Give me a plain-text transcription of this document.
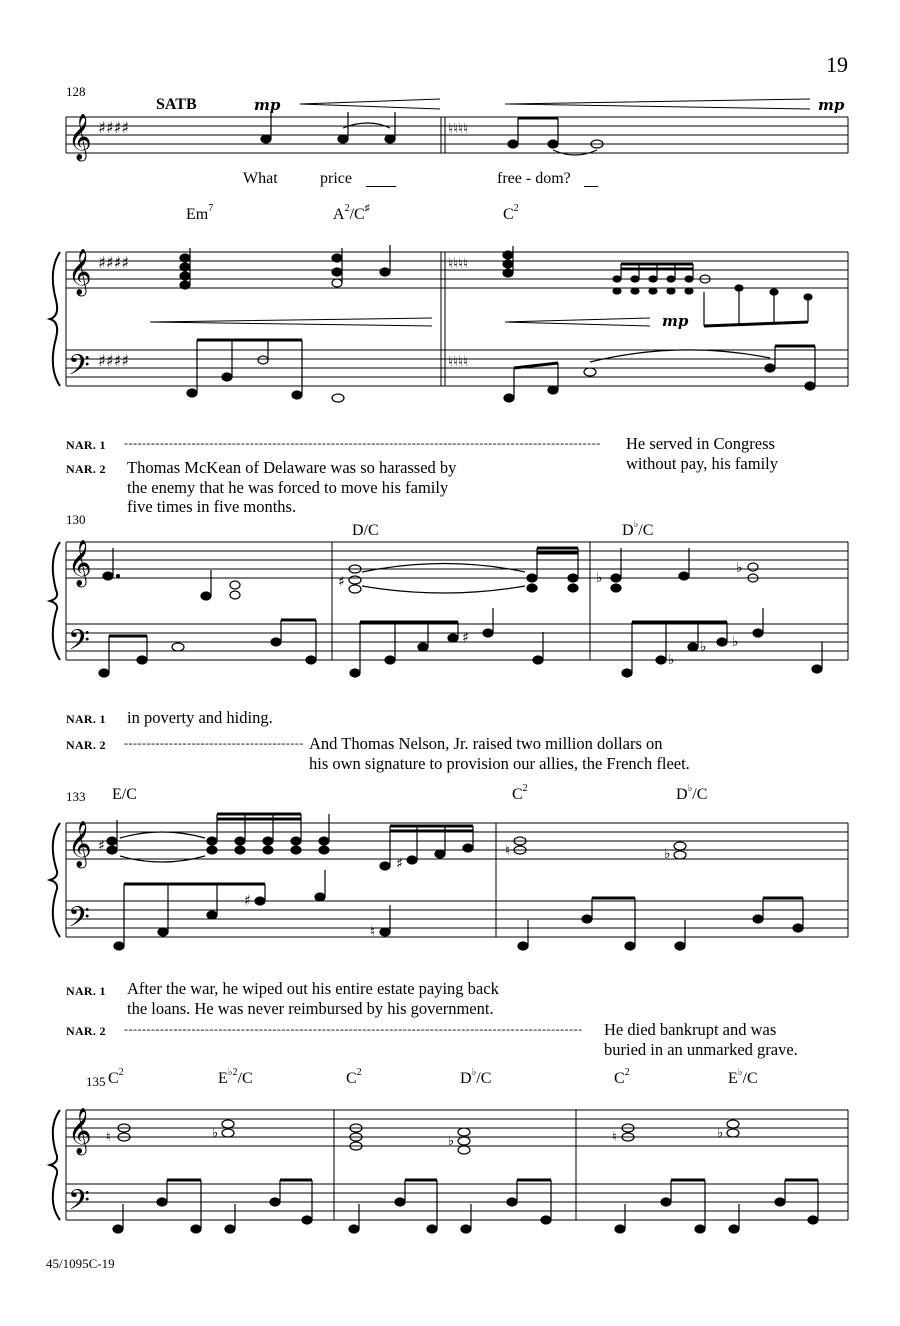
19
𝄞
𝄞
𝄢
♯♯♯♯
♯♯♯♯
♯♯♯♯
♮♮♮♮
♮♮♮♮
♮♮♮♮
𝄞
𝄢
♯
♯
♭
♭
♭
♭ ♭
𝄞
𝄢
♯
♯
♯
♮
♮	♭
𝄞
𝄢
♮	♭
♭	♮	♭
128
SATB	mp	mp
mp
What	price	free - dom?
Em$^7$	$A^2/C^♯$	$C^2$
NAR. 1 ----------------------------------------------------------------------------------------------------------	He served in Congress
without pay, his family
NAR. 2 Thomas McKean of Delaware was so harassed by
the enemy that he was forced to move his family
five times in five months.
130
D/C	D♭/C
NAR. 1 in poverty and hiding.
NAR. 2 ---------------------------------------- And Thomas Nelson, Jr. raised two million dollars on
his own signature to provision our allies, the French fleet.
133 E/C	$C^2$	D♭/C
NAR. 1 After the war, he wiped out his entire estate paying back
the loans. He was never reimbursed by his government.
NAR. 2 ------------------------------------------------------------------------------------------------------	He died bankrupt and was
buried in an unmarked grave.
135 $C^2$	$E^{♭2}/C$	$C^2$	D♭/C	$C^2$	E♭/C
45/1095C-19
